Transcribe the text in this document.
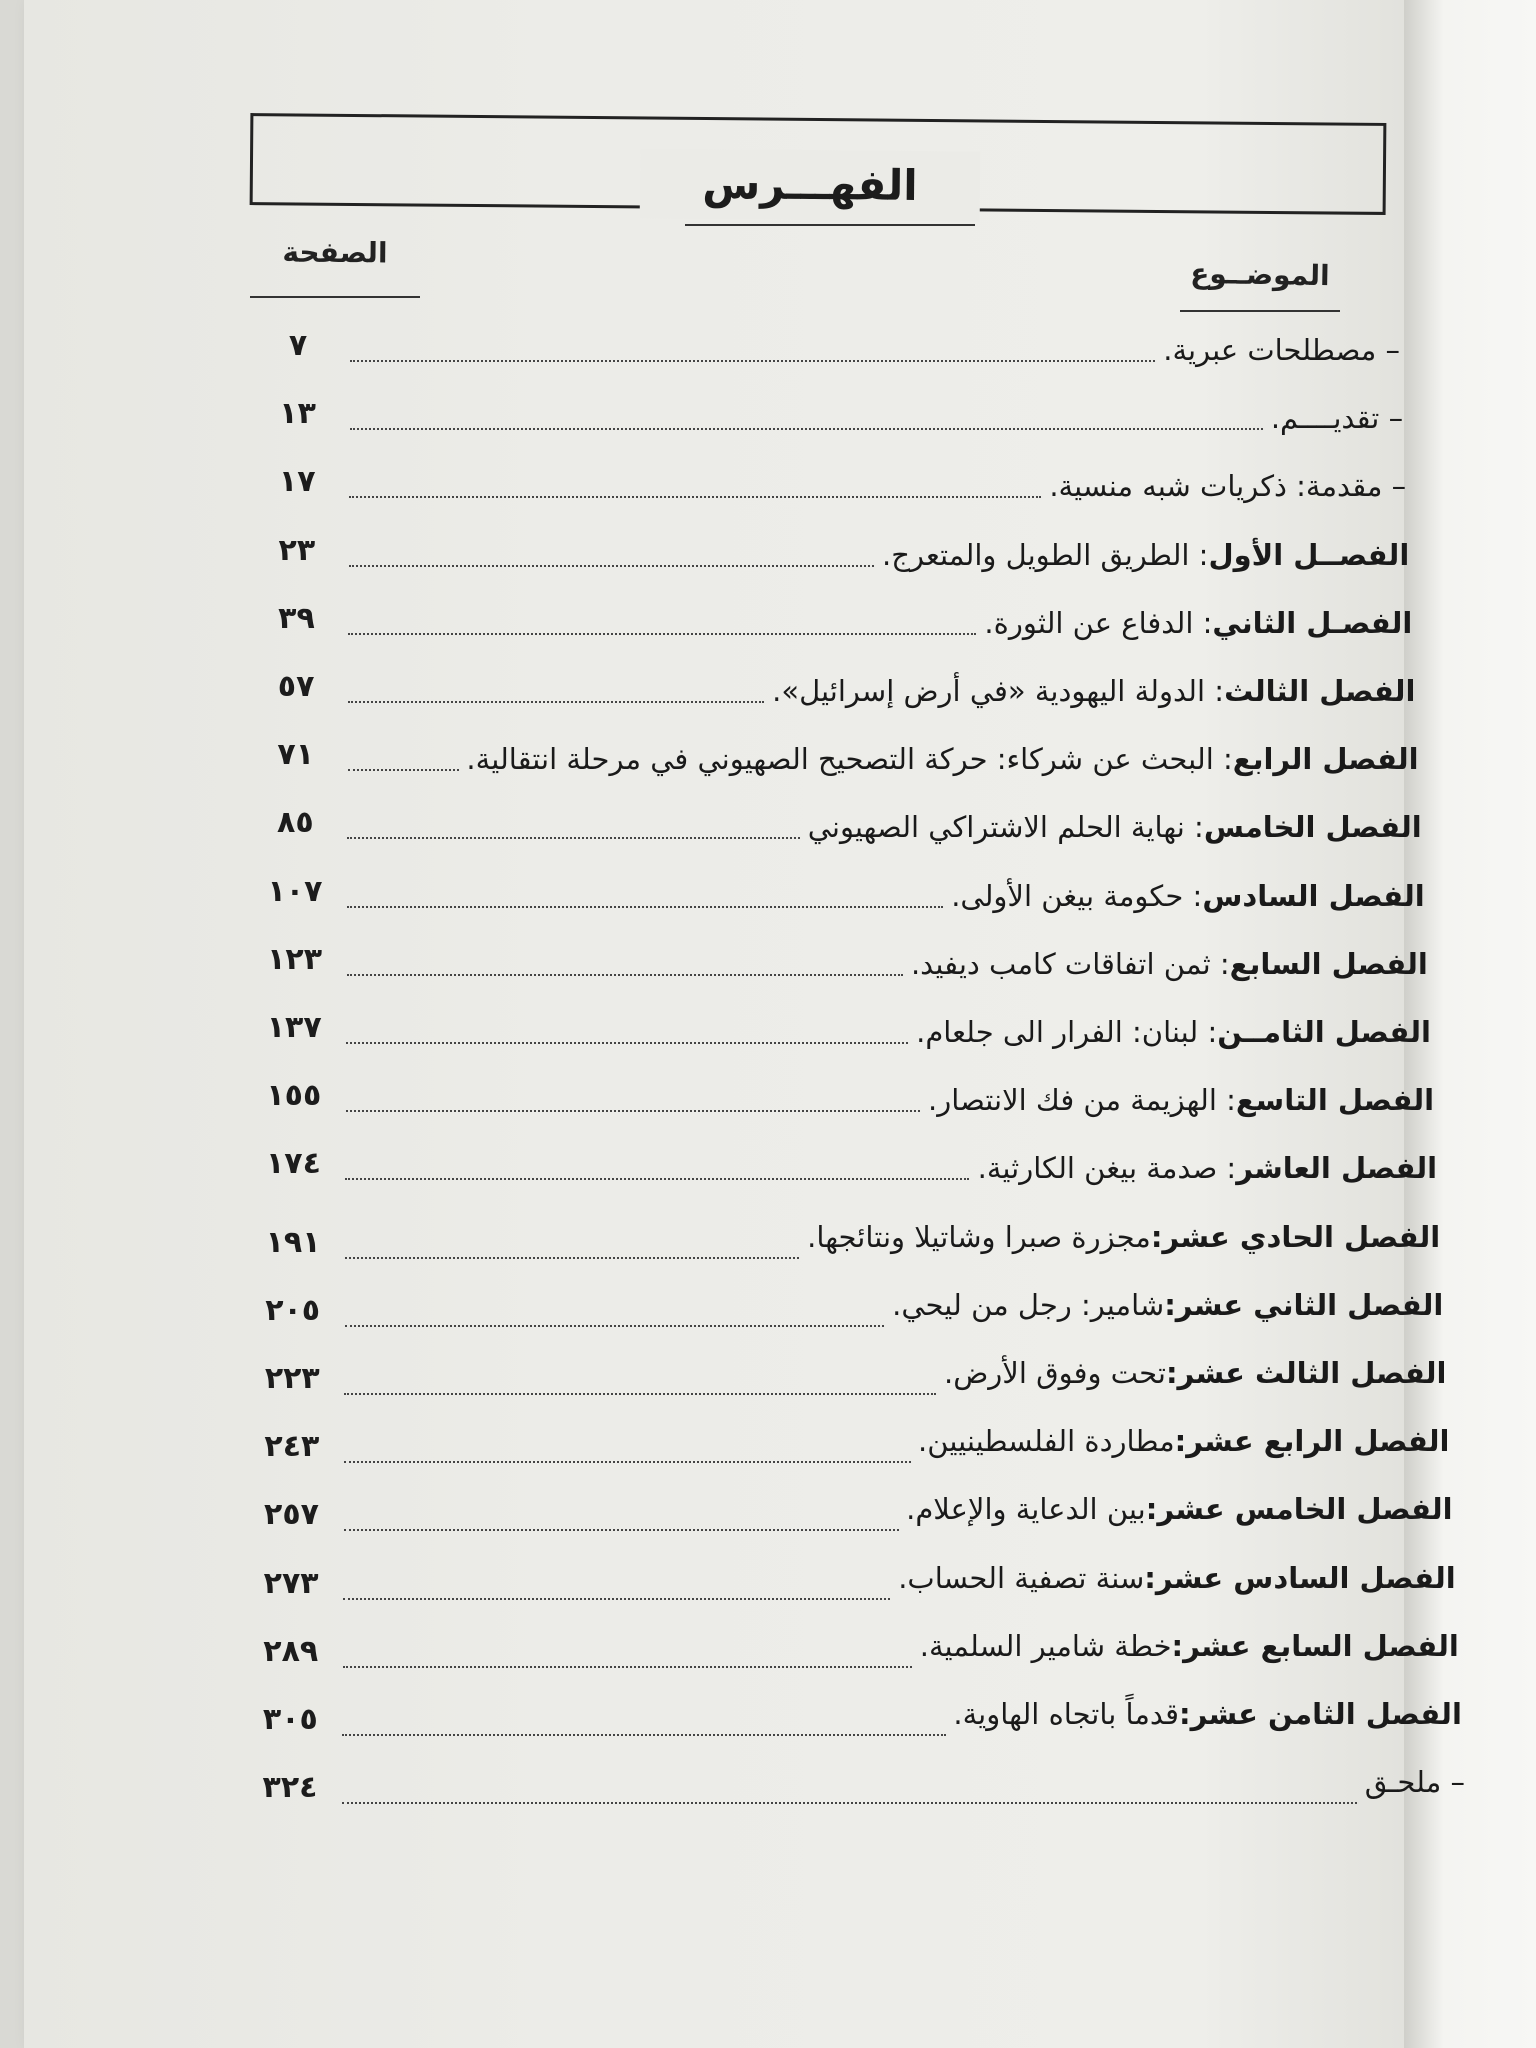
الفهـــرس
الموضــوع
الصفحة
– مصطلحات عبرية.
٧
– تقديــــم.
١٣
– مقدمة: ذكريات شبه منسية.
١٧
الفصــل الأول: الطريق الطويل والمتعرج.
٢٣
الفصـل الثاني: الدفاع عن الثورة.
٣٩
الفصل الثالث: الدولة اليهودية «في أرض إسرائيل».
٥٧
الفصل الرابع: البحث عن شركاء: حركة التصحيح الصهيوني في مرحلة انتقالية.
٧١
الفصل الخامس: نهاية الحلم الاشتراكي الصهيوني
٨٥
الفصل السادس: حكومة بيغن الأولى.
١٠٧
الفصل السابع: ثمن اتفاقات كامب ديفيد.
١٢٣
الفصل الثامــن: لبنان: الفرار الى جلعام.
١٣٧
الفصل التاسع: الهزيمة من فك الانتصار.
١٥٥
الفصل العاشر: صدمة بيغن الكارثية.
١٧٤
الفصل الحادي عشر:مجزرة صبرا وشاتيلا ونتائجها.
١٩١
الفصل الثاني عشر:شامير: رجل من ليحي.
٢٠٥
الفصل الثالث عشر:تحت وفوق الأرض.
٢٢٣
الفصل الرابع عشر:مطاردة الفلسطينيين.
٢٤٣
الفصل الخامس عشر:بين الدعاية والإعلام.
٢٥٧
الفصل السادس عشر:سنة تصفية الحساب.
٢٧٣
الفصل السابع عشر:خطة شامير السلمية.
٢٨٩
الفصل الثامن عشر:قدماً باتجاه الهاوية.
٣٠٥
– ملحـق
٣٢٤
